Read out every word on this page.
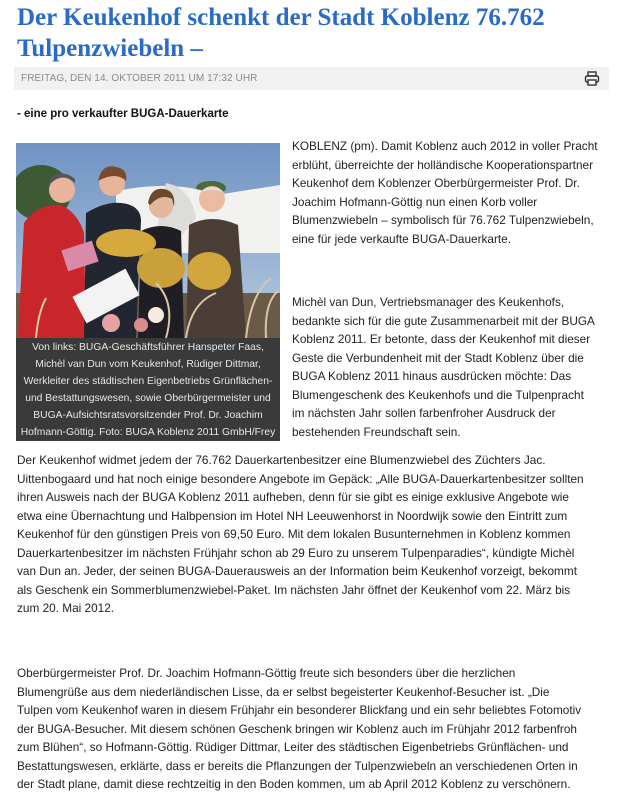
Der Keukenhof schenkt der Stadt Koblenz 76.762
Tulpenzwiebeln –
FREITAG, DEN 14. OKTOBER 2011 UM 17:32 UHR
- eine pro verkaufter BUGA-Dauerkarte
Von links: BUGA-Geschäftsführer Hanspeter Faas,
Michèl van Dun vom Keukenhof, Rüdiger Dittmar,
Werkleiter des städtischen Eigenbetriebs Grünflächen-
und Bestattungswesen, sowie Oberbürgermeister und
BUGA-Aufsichtsratsvorsitzender Prof. Dr. Joachim
Hofmann-Göttig. Foto: BUGA Koblenz 2011 GmbH/Frey
KOBLENZ (pm). Damit Koblenz auch 2012 in voller Pracht
erblüht, überreichte der holländische Kooperationspartner
Keukenhof dem Koblenzer Oberbürgermeister Prof. Dr.
Joachim Hofmann-Göttig nun einen Korb voller
Blumenzwiebeln – symbolisch für 76.762 Tulpenzwiebeln,
eine für jede verkaufte BUGA-Dauerkarte.
Michèl van Dun, Vertriebsmanager des Keukenhofs,
bedankte sich für die gute Zusammenarbeit mit der BUGA
Koblenz 2011. Er betonte, dass der Keukenhof mit dieser
Geste die Verbundenheit mit der Stadt Koblenz über die
BUGA Koblenz 2011 hinaus ausdrücken möchte: Das
Blumengeschenk des Keukenhofs und die Tulpenpracht
im nächsten Jahr sollen farbenfroher Ausdruck der
bestehenden Freundschaft sein.
Der Keukenhof widmet jedem der 76.762 Dauerkartenbesitzer eine Blumenzwiebel des Züchters Jac.
Uittenbogaard und hat noch einige besondere Angebote im Gepäck: „Alle BUGA-Dauerkartenbesitzer sollten
ihren Ausweis nach der BUGA Koblenz 2011 aufheben, denn für sie gibt es einige exklusive Angebote wie
etwa eine Übernachtung und Halbpension im Hotel NH Leeuwenhorst in Noordwijk sowie den Eintritt zum
Keukenhof für den günstigen Preis von 69,50 Euro. Mit dem lokalen Busunternehmen in Koblenz kommen
Dauerkartenbesitzer im nächsten Frühjahr schon ab 29 Euro zu unserem Tulpenparadies“, kündigte Michèl
van Dun an. Jeder, der seinen BUGA-Dauerausweis an der Information beim Keukenhof vorzeigt, bekommt
als Geschenk ein Sommerblumenzwiebel-Paket. Im nächsten Jahr öffnet der Keukenhof vom 22. März bis
zum 20. Mai 2012.
Oberbürgermeister Prof. Dr. Joachim Hofmann-Göttig freute sich besonders über die herzlichen
Blumengrüße aus dem niederländischen Lisse, da er selbst begeisterter Keukenhof-Besucher ist. „Die
Tulpen vom Keukenhof waren in diesem Frühjahr ein besonderer Blickfang und ein sehr beliebtes Fotomotiv
der BUGA-Besucher. Mit diesem schönen Geschenk bringen wir Koblenz auch im Frühjahr 2012 farbenfroh
zum Blühen“, so Hofmann-Göttig. Rüdiger Dittmar, Leiter des städtischen Eigenbetriebs Grünflächen- und
Bestattungswesen, erklärte, dass er bereits die Pflanzungen der Tulpenzwiebeln an verschiedenen Orten in
der Stadt plane, damit diese rechtzeitig in den Boden kommen, um ab April 2012 Koblenz zu verschönern.
